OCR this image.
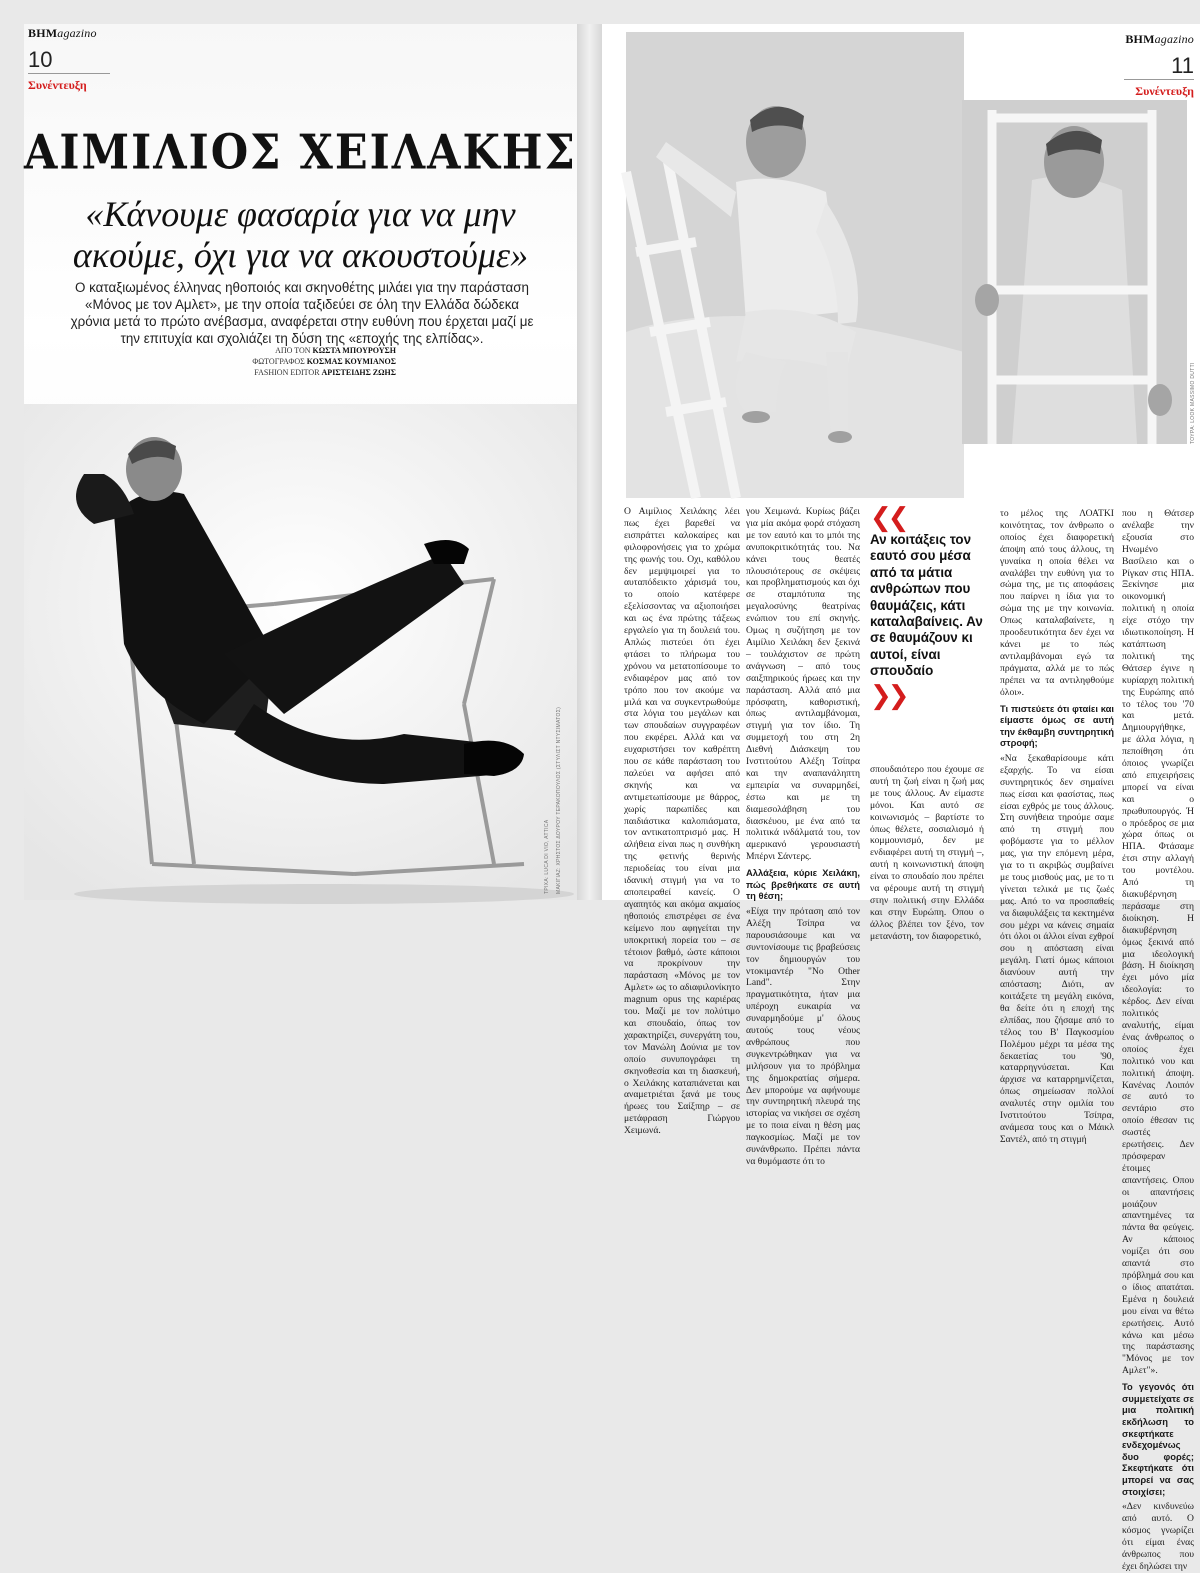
ΒΗΜagazino
10
Συνέντευξη
ΑΙΜΙΛΙΟΣ ΧΕΙΛΑΚΗΣ
«Κάνουμε φασαρία για να μην ακούμε, όχι για να ακουστούμε»
Ο καταξιωμένος έλληνας ηθοποιός και σκηνοθέτης μιλάει για την παράσταση «Μόνος με τον Αμλετ», με την οποία ταξιδεύει σε όλη την Ελλάδα δώδεκα χρόνια μετά το πρώτο ανέβασμα, αναφέρεται στην ευθύνη που έρχεται μαζί με την επιτυχία και σχολιάζει τη δύση της «εποχής της ελπίδας».
ΑΠΟ ΤΟΝ ΚΩΣΤΑ ΜΠΟΥΡΟΥΣΗ
ΦΩΤΟΓΡΑΦΟΣ ΚΟΣΜΑΣ ΚΟΥΜΙΑΝΟΣ
FASHION EDITOR ΑΡΙΣΤΕΙΔΗΣ ΖΩΗΣ
ΤΡΙΧΑ: LUCA DI VIO, ATTICA ΜΑΚΙΓΙΑΖ: ΧΡΗΣΤΟΣ ΔΟΥΡΟΥ ΤΕΡΑΚΟΠΟΥΛΟΣ (ΣΤΥΛΙΣΤ ΝΤΥΣΙΜΑΤΟΣ)
ΒΗΜagazino
11
Συνέντευξη
ΤΟΥΡΑ: LOOK MASSIMO DUTTI

Ο Αιμίλιος Χειλάκης λέει πως έχει βαρεθεί να εισπράττει καλοκαίρες και φιλοφρονήσεις για το χρώμα της φωνής του. Οχι, καθόλου δεν μεμψιμοιρεί για το αυταπόδεικτο χάρισμά του, το οποίο κατέφερε εξελίσσοντας να αξιοποιήσει και ως ένα πρώτης τάξεως εργαλείο για τη δουλειά του. Απλώς πιστεύει ότι έχει φτάσει το πλήρωμα του χρόνου να μετατοπίσουμε το ενδιαφέρον μας από τον τρόπο που τον ακούμε να μιλά και να συγκεντρωθούμε στα λόγια του μεγάλων και των σπουδαίων συγγραφέων που εκφέρει. Αλλά και να ευχαριστήσει τον καθρέπτη που σε κάθε παράσταση του παλεύει να αφήσει από σκηνής και να αντιμετωπίσουμε με θάρρος, χωρίς παρωπίδες και παιδιάστικα καλοπιάσματα, τον αντικατοπτρισμό μας. Η αλήθεια είναι πως η συνθήκη της φετινής θερινής περιοδείας του είναι μια ιδανική στιγμή για να το αποπειραθεί κανείς. Ο αγαπητός και ακόμα ακμαίος ηθοποιός επιστρέφει σε ένα κείμενο που αφηγείται την υποκριτική πορεία του – σε τέτοιον βαθμό, ώστε κάποιοι να προκρίνουν την παράσταση «Μόνος με τον Αμλετ» ως το αδιαφιλονίκητο magnum opus της καριέρας του. Μαζί με τον πολύτιμο και σπουδαίο, όπως τον χαρακτηρίζει, συνεργάτη του, τον Μανώλη Δούνια με τον οποίο συνυπογράφει τη σκηνοθεσία και τη διασκευή, ο Χειλάκης καταπιάνεται και αναμετριέται ξανά με τους ήρωες του Σαίξπηρ – σε μετάφραση Γιώργου Χειμωνά.

γου Χειμωνά. Κυρίως βάζει για μία ακόμα φορά στόχαση με τον εαυτό και το μπόι της ανυποκριτικότητάς του. Να κάνει τους θεατές πλουσιότερους σε σκέψεις και προβληματισμούς και όχι σε σταμπότυπα της μεγαλοσύνης θεατρίνας ενώπιον του επί σκηνής. Ομως η συζήτηση με τον Αιμίλιο Χειλάκη δεν ξεκινά – τουλάχιστον σε πρώτη ανάγνωση – από τους σαιξπηρικούς ήρωες και την παράσταση. Αλλά από μια πρόσφατη, καθοριστική, όπως αντιλαμβάνομαι, στιγμή για τον ίδιο. Τη συμμετοχή του στη 2η Διεθνή Διάσκεψη του Ινστιτούτου Αλέξη Τσίπρα και την αναπανάληπτη εμπειρία να συναρμηδεί, έστω και με τη διαμεσολάβηση του διασκέυου, με ένα από τα πολιτικά ινδάλματά του, τον αμερικανό γερουσιαστή Μπέρνι Σάντερς.

Αλλάξεια, κύριε Χειλάκη, πώς βρεθήκατε σε αυτή τη θέση;

«Είχα την πρόταση από τον Αλέξη Τσίπρα να παρουσιάσουμε και να συντονίσουμε τις βραβεύσεις τον δημιουργών του ντοκιμαντέρ "No Other Land". Στην πραγματικότητα, ήταν μια υπέροχη ευκαιρία να συναρμηδούμε μ' όλους αυτούς τους νέους ανθρώπους που συγκεντρώθηκαν για να μιλήσουν για το πρόβλημα της δημοκρατίας σήμερα. Δεν μπορούμε να αφήνουμε την συντηρητική πλευρά της ιστορίας να νικήσει σε σχέση με το ποια είναι η θέση μας παγκοσμίως. Μαζί με τον συνάνθρωπο. Πρέπει πάντα να θυμόμαστε ότι το

❮❮
Αν κοιτάξεις τον εαυτό σου μέσα από τα μάτια ανθρώπων που θαυμάζεις, κάτι καταλαβαίνεις. Αν σε θαυμάζουν κι αυτοί, είναι σπουδαίο
❯❯

σπουδαιότερο που έχουμε σε αυτή τη ζωή είναι η ζωή μας με τους άλλους. Αν είμαστε μόνοι. Και αυτό σε κοινωνισμός – βαρτίστε το όπως θέλετε, σοσιαλισμό ή κομμουνισμό, δεν με ενδιαφέρει αυτή τη στιγμή –, αυτή η κοινωνιστική άποψη είναι το σπουδαίο που πρέπει να φέρουμε αυτή τη στιγμή στην πολιτική στην Ελλάδα και στην Ευρώπη. Οπου ο άλλος βλέπει τον ξένο, τον μετανάστη, τον διαφορετικό,

το μέλος της ΛΟΑΤΚΙ κοινότητας, τον άνθρωπο ο οποίος έχει διαφορετική άποψη από τους άλλους, τη γυναίκα η οποία θέλει να αναλάβει την ευθύνη για το σώμα της, με τις αποφάσεις που παίρνει η ίδια για το σώμα της με την κοινωνία. Οπως καταλαβαίνετε, η προοδευτικότητα δεν έχει να κάνει με το πώς αντιλαμβάνομαι εγώ τα πράγματα, αλλά με το πώς πρέπει να τα αντιληφθούμε όλοι».

Τι πιστεύετε ότι φταίει και είμαστε όμως σε αυτή την έκθαμβη συντηρητική στροφή;

«Να ξεκαθαρίσουμε κάτι εξαρχής. Το να είσαι συντηρητικός δεν σημαίνει πως είσαι και φασίστας, πως είσαι εχθρός με τους άλλους. Στη συνήθεια τηρούμε σαμε από τη στιγμή που φοβόμαστε για το μέλλον μας, για την επόμενη μέρα, για το τι ακριβώς συμβαίνει με τους μισθούς μας, με το τι γίνεται τελικά με τις ζωές μας. Από το να προσπαθείς να διαφυλάξεις τα κεκτημένα σου μέχρι να κάνεις σημαία ότι όλοι οι άλλοι είναι εχθροί σου η απόσταση είναι μεγάλη. Γιατί όμως κάποιοι διανύουν αυτή την απόσταση; Διότι, αν κοιτάξετε τη μεγάλη εικόνα, θα δείτε ότι η εποχή της ελπίδας, που ζήσαμε από το τέλος του Β' Παγκοσμίου Πολέμου μέχρι τα μέσα της δεκαετίας του '90, καταρρηγνύσεται. Και άρχισε να καταρρημνίζεται, όπως σημείωσαν πολλοί αναλυτές στην ομιλία του Ινστιτούτου Τσίπρα, ανάμεσα τους και ο Μάικλ Σαντέλ, από τη στιγμή

που η Θάτσερ ανέλαβε την εξουσία στο Ηνωμένο Βασίλειο και ο Ρίγκαν στις ΗΠΑ. Ξεκίνησε μια οικονομική πολιτική η οποία είχε στόχο την ιδιωτικοποίηση. Η κατάπτωση πολιτική της Θάτσερ έγινε η κυρίαρχη πολιτική της Ευρώπης από το τέλος του '70 και μετά. Δημιουργήθηκε, με άλλα λόγια, η πεποίθηση ότι όποιος γνωρίζει από επιχειρήσεις μπορεί να είναι και ο πρωθυπουργός. Ή ο πρόεδρος σε μια χώρα όπως οι ΗΠΑ. Φτάσαμε έτσι στην αλλαγή του μοντέλου. Από τη διακυβέρνηση περάσαμε στη διοίκηση. Η διακυβέρνηση όμως ξεκινά από μια ιδεολογική βάση. Η διοίκηση έχει μόνο μία ιδεολογία: το κέρδος. Δεν είναι πολιτικός αναλυτής, είμαι ένας άνθρωπος ο οποίος έχει πολιτικό νου και πολιτική άποψη. Κανένας Λοιπόν σε αυτό το σεντάριο στο οποίο έθεσαν τις σωστές ερωτήσεις. Δεν πρόσφεραν έτοιμες απαντήσεις. Οπου οι απαντήσεις μοιάζουν απαντημένες τα πάντα θα φεύγεις. Αν κάποιος νομίζει ότι σου απαντά στο πρόβλημά σου και ο ίδιος απατάται. Εμένα η δουλειά μου είναι να θέτω ερωτήσεις. Αυτό κάνω και μέσω της παράστασης "Μόνος με τον Αμλετ"».

Το γεγονός ότι συμμετείχατε σε μια πολιτική εκδήλωση το σκεφτήκατε ενδεχομένως δυο φορές; Σκεφτήκατε ότι μπορεί να σας στοιχίσει;

«Δεν κινδυνεύω από αυτό. Ο κόσμος γνωρίζει ότι είμαι ένας άνθρωπος που έχει δηλώσει την
